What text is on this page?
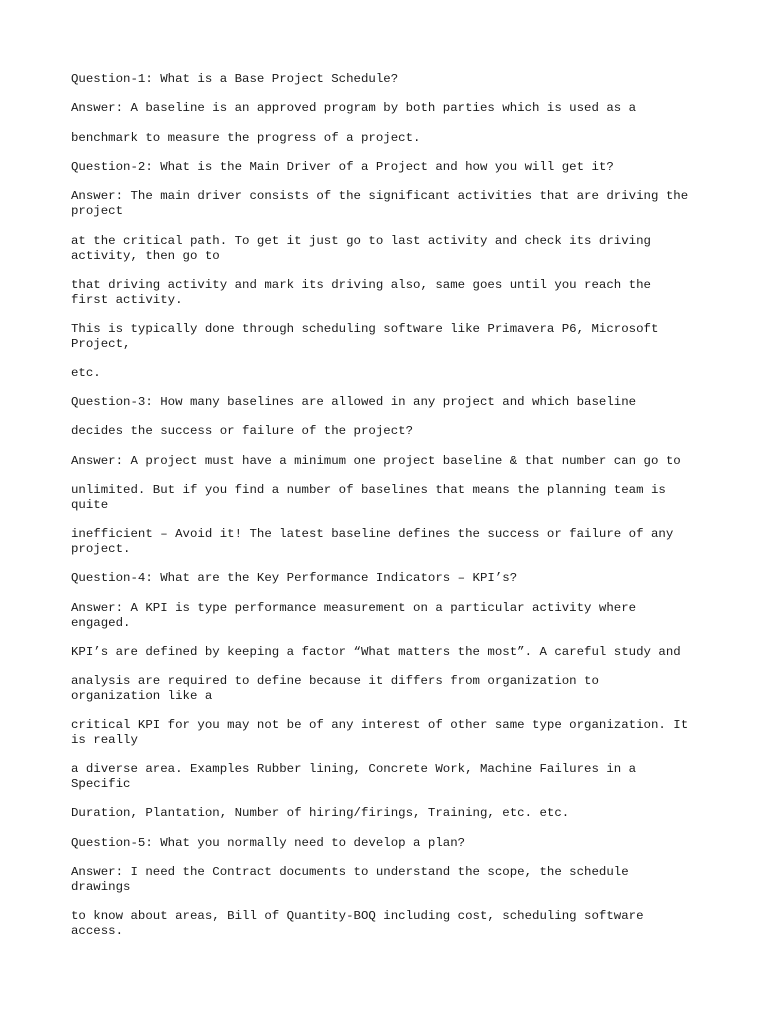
Question-1: What is a Base Project Schedule?

Answer: A baseline is an approved program by both parties which is used as a

benchmark to measure the progress of a project.

Question-2: What is the Main Driver of a Project and how you will get it?

Answer: The main driver consists of the significant activities that are driving the
project

at the critical path. To get it just go to last activity and check its driving
activity, then go to

that driving activity and mark its driving also, same goes until you reach the
first activity.

This is typically done through scheduling software like Primavera P6, Microsoft
Project,

etc.

Question-3: How many baselines are allowed in any project and which baseline

decides the success or failure of the project?

Answer: A project must have a minimum one project baseline & that number can go to

unlimited. But if you find a number of baselines that means the planning team is
quite

inefficient – Avoid it! The latest baseline defines the success or failure of any
project.

Question-4: What are the Key Performance Indicators – KPI’s?

Answer: A KPI is type performance measurement on a particular activity where
engaged.

KPI’s are defined by keeping a factor “What matters the most”. A careful study and

analysis are required to define because it differs from organization to
organization like a

critical KPI for you may not be of any interest of other same type organization. It
is really

a diverse area. Examples Rubber lining, Concrete Work, Machine Failures in a
Specific

Duration, Plantation, Number of hiring/firings, Training, etc. etc.

Question-5: What you normally need to develop a plan?

Answer: I need the Contract documents to understand the scope, the schedule
drawings

to know about areas, Bill of Quantity-BOQ including cost, scheduling software
access.
